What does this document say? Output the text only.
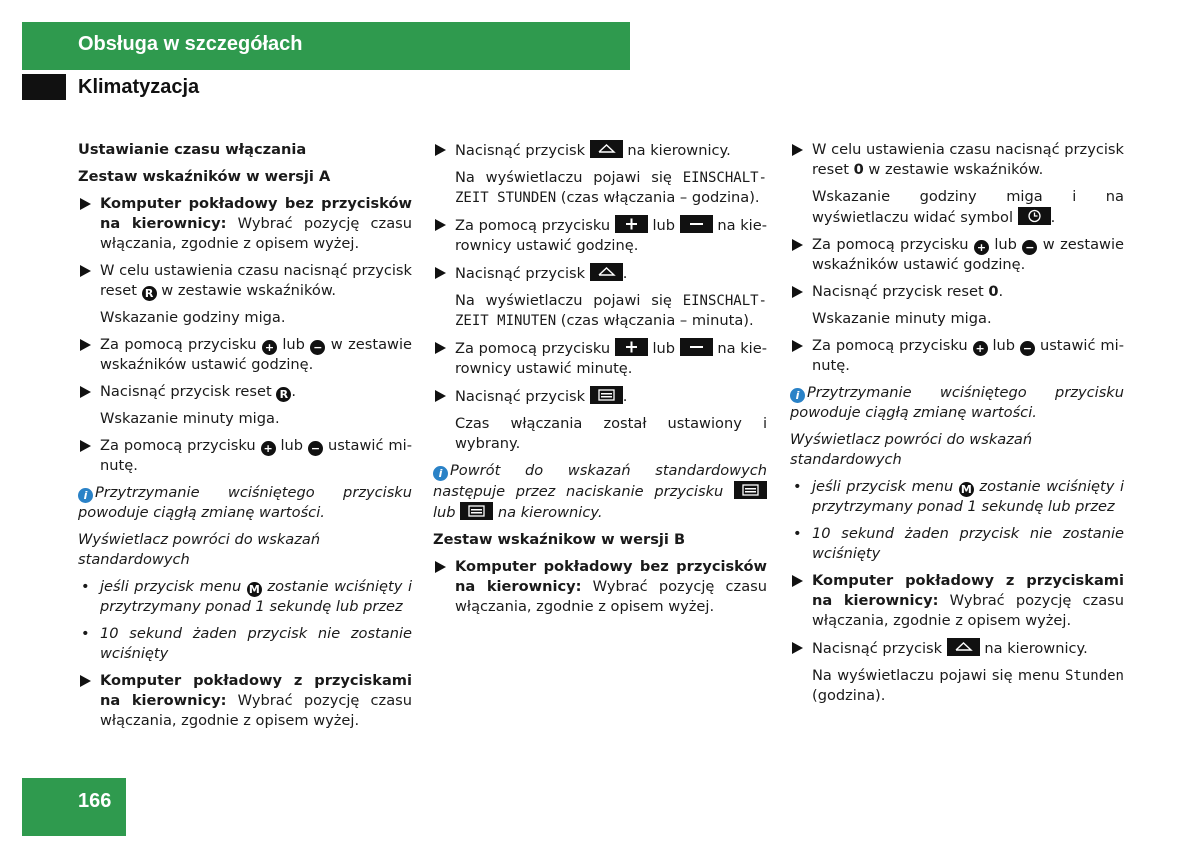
Obsługa w szczegółach
Klimatyzacja
Ustawianie czasu włączania
Zestaw wskaźników w wersji A
Komputer pokładowy bez przycisków na kierownicy: Wybrać pozycję czasu włączania, zgodnie z opisem wyżej.
W celu ustawienia czasu nacisnąć przycisk reset R w zestawie wskaźników.
Wskazanie godziny miga.
Za pomocą przycisku + lub − w zestawie wskaźników ustawić godzinę.
Nacisnąć przycisk reset R .
Wskazanie minuty miga.
Za pomocą przycisku + lub − ustawić minutę.
i Przytrzymanie wciśniętego przycisku powoduje ciągłą zmianę wartości.
Wyświetlacz powróci do wskazań standardowych
• jeśli przycisk menu M zostanie wciśnięty i przytrzymany ponad 1 sekundę lub przez
• 10 sekund żaden przycisk nie zostanie wciśnięty
Komputer pokładowy z przyciskami na kierownicy: Wybrać pozycję czasu włączania, zgodnie z opisem wyżej.
Nacisnąć przycisk
na kierownicy.
Na wyświetlaczu pojawi się EINSCHALT-ZEIT STUNDEN (czas włączania – godzina).
Za pomocą przycisku
lub
na kierownicy ustawić godzinę.
Nacisnąć przycisk
.
Na wyświetlaczu pojawi się EINSCHALT-ZEIT MINUTEN (czas włączania – minuta).
Za pomocą przycisku
lub
na kierownicy ustawić minutę.
Nacisnąć przycisk
.
Czas włączania został ustawiony i wybrany.
i Powrót do wskazań standardowych następuje przez naciskanie przycisku
lub
na kierownicy.
Zestaw wskaźnikow w wersji B
Komputer pokładowy bez przycisków na kierownicy: Wybrać pozycję czasu włączania, zgodnie z opisem wyżej.
W celu ustawienia czasu nacisnąć przycisk reset 0 w zestawie wskaźników.
Wskazanie godziny miga i na wyświetlaczu widać symbol
.
Za pomocą przycisku + lub − w zestawie wskaźników ustawić godzinę.
Nacisnąć przycisk reset 0.
Wskazanie minuty miga.
Za pomocą przycisku + lub − ustawić minutę.
i Przytrzymanie wciśniętego przycisku powoduje ciągłą zmianę wartości.
Wyświetlacz powróci do wskazań standardowych
• jeśli przycisk menu M zostanie wciśnięty i przytrzymany ponad 1 sekundę lub przez
• 10 sekund żaden przycisk nie zostanie wciśnięty
Komputer pokładowy z przyciskami na kierownicy: Wybrać pozycję czasu włączania, zgodnie z opisem wyżej.
Nacisnąć przycisk
na kierownicy.
Na wyświetlaczu pojawi się menu Stunden (godzina).
166
